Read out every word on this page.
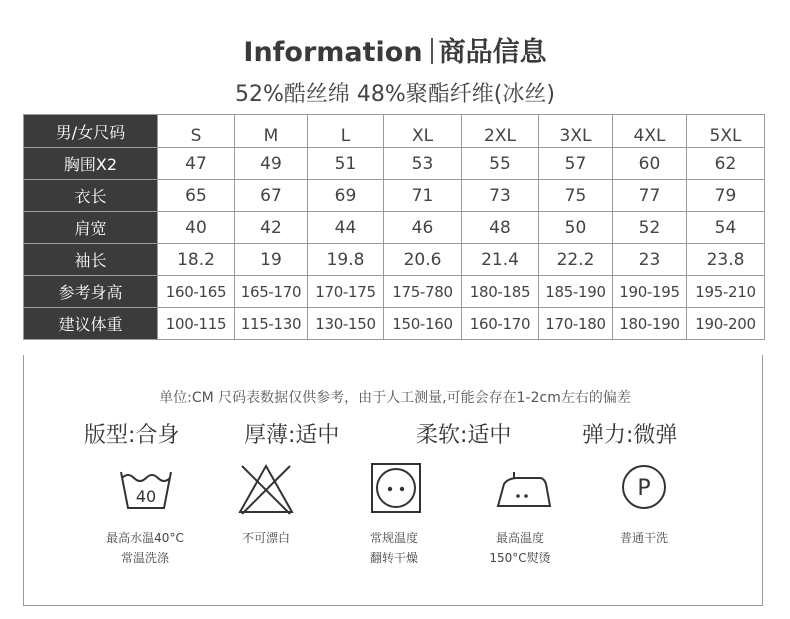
Information 商品信息
52%酷丝绵 48%聚酯纤维(冰丝)
男/女尺码	S	M	L	XL	2XL	3XL	4XL	5XL
胸围X2	47	49	51	53	55	57	60	62
衣长	65	67	69	71	73	75	77	79
肩宽	40	42	44	46	48	50	52	54
袖长	18.2	19	19.8	20.6	21.4	22.2	23	23.8
参考身高	160-165	165-170	170-175	175-780	180-185	185-190	190-195	195-210
建议体重	100-115	115-130	130-150	150-160	160-170	170-180	180-190	190-200
单位:CM 尺码表数据仅供参考，由于人工测量,可能会存在1-2cm左右的偏差
版型:合身	厚薄:适中	柔软:适中	弹力:微弹
40	P
最高水温40°C
常温洗涤
不可漂白	常规温度
翻转干燥
最高温度
150°C熨烫
普通干洗
